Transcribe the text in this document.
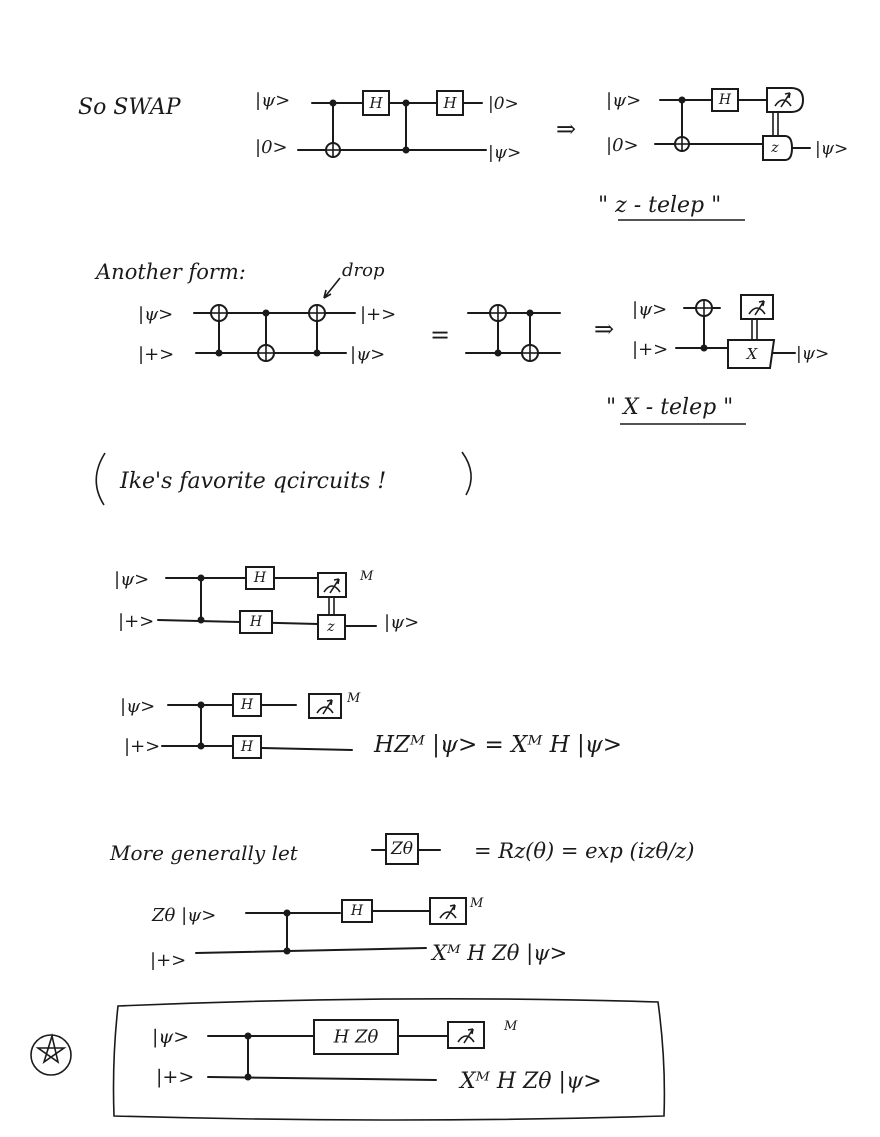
So SWAP	|ψ>
|0>
H	H |0>
|ψ>
⇒
|ψ>
|0>
H
z |ψ>
" z - telep "
Another form:	drop
|ψ>
|+>
|+>
|ψ>
=	⇒
|ψ>
|+>	X |ψ>
" X - telep "
Ike's favorite qcircuits !
|ψ>
|+>
H
H
M
z	|ψ>
|ψ>
|+>
H
H
M
HZᴹ |ψ> = Xᴹ H |ψ>
More generally let	Zθ	= Rz(θ) = exp (izθ/z)
Zθ |ψ>
|+>
H	M
Xᴹ H Zθ |ψ>
|ψ>
|+>
H Zθ	M
Xᴹ H Zθ |ψ>
